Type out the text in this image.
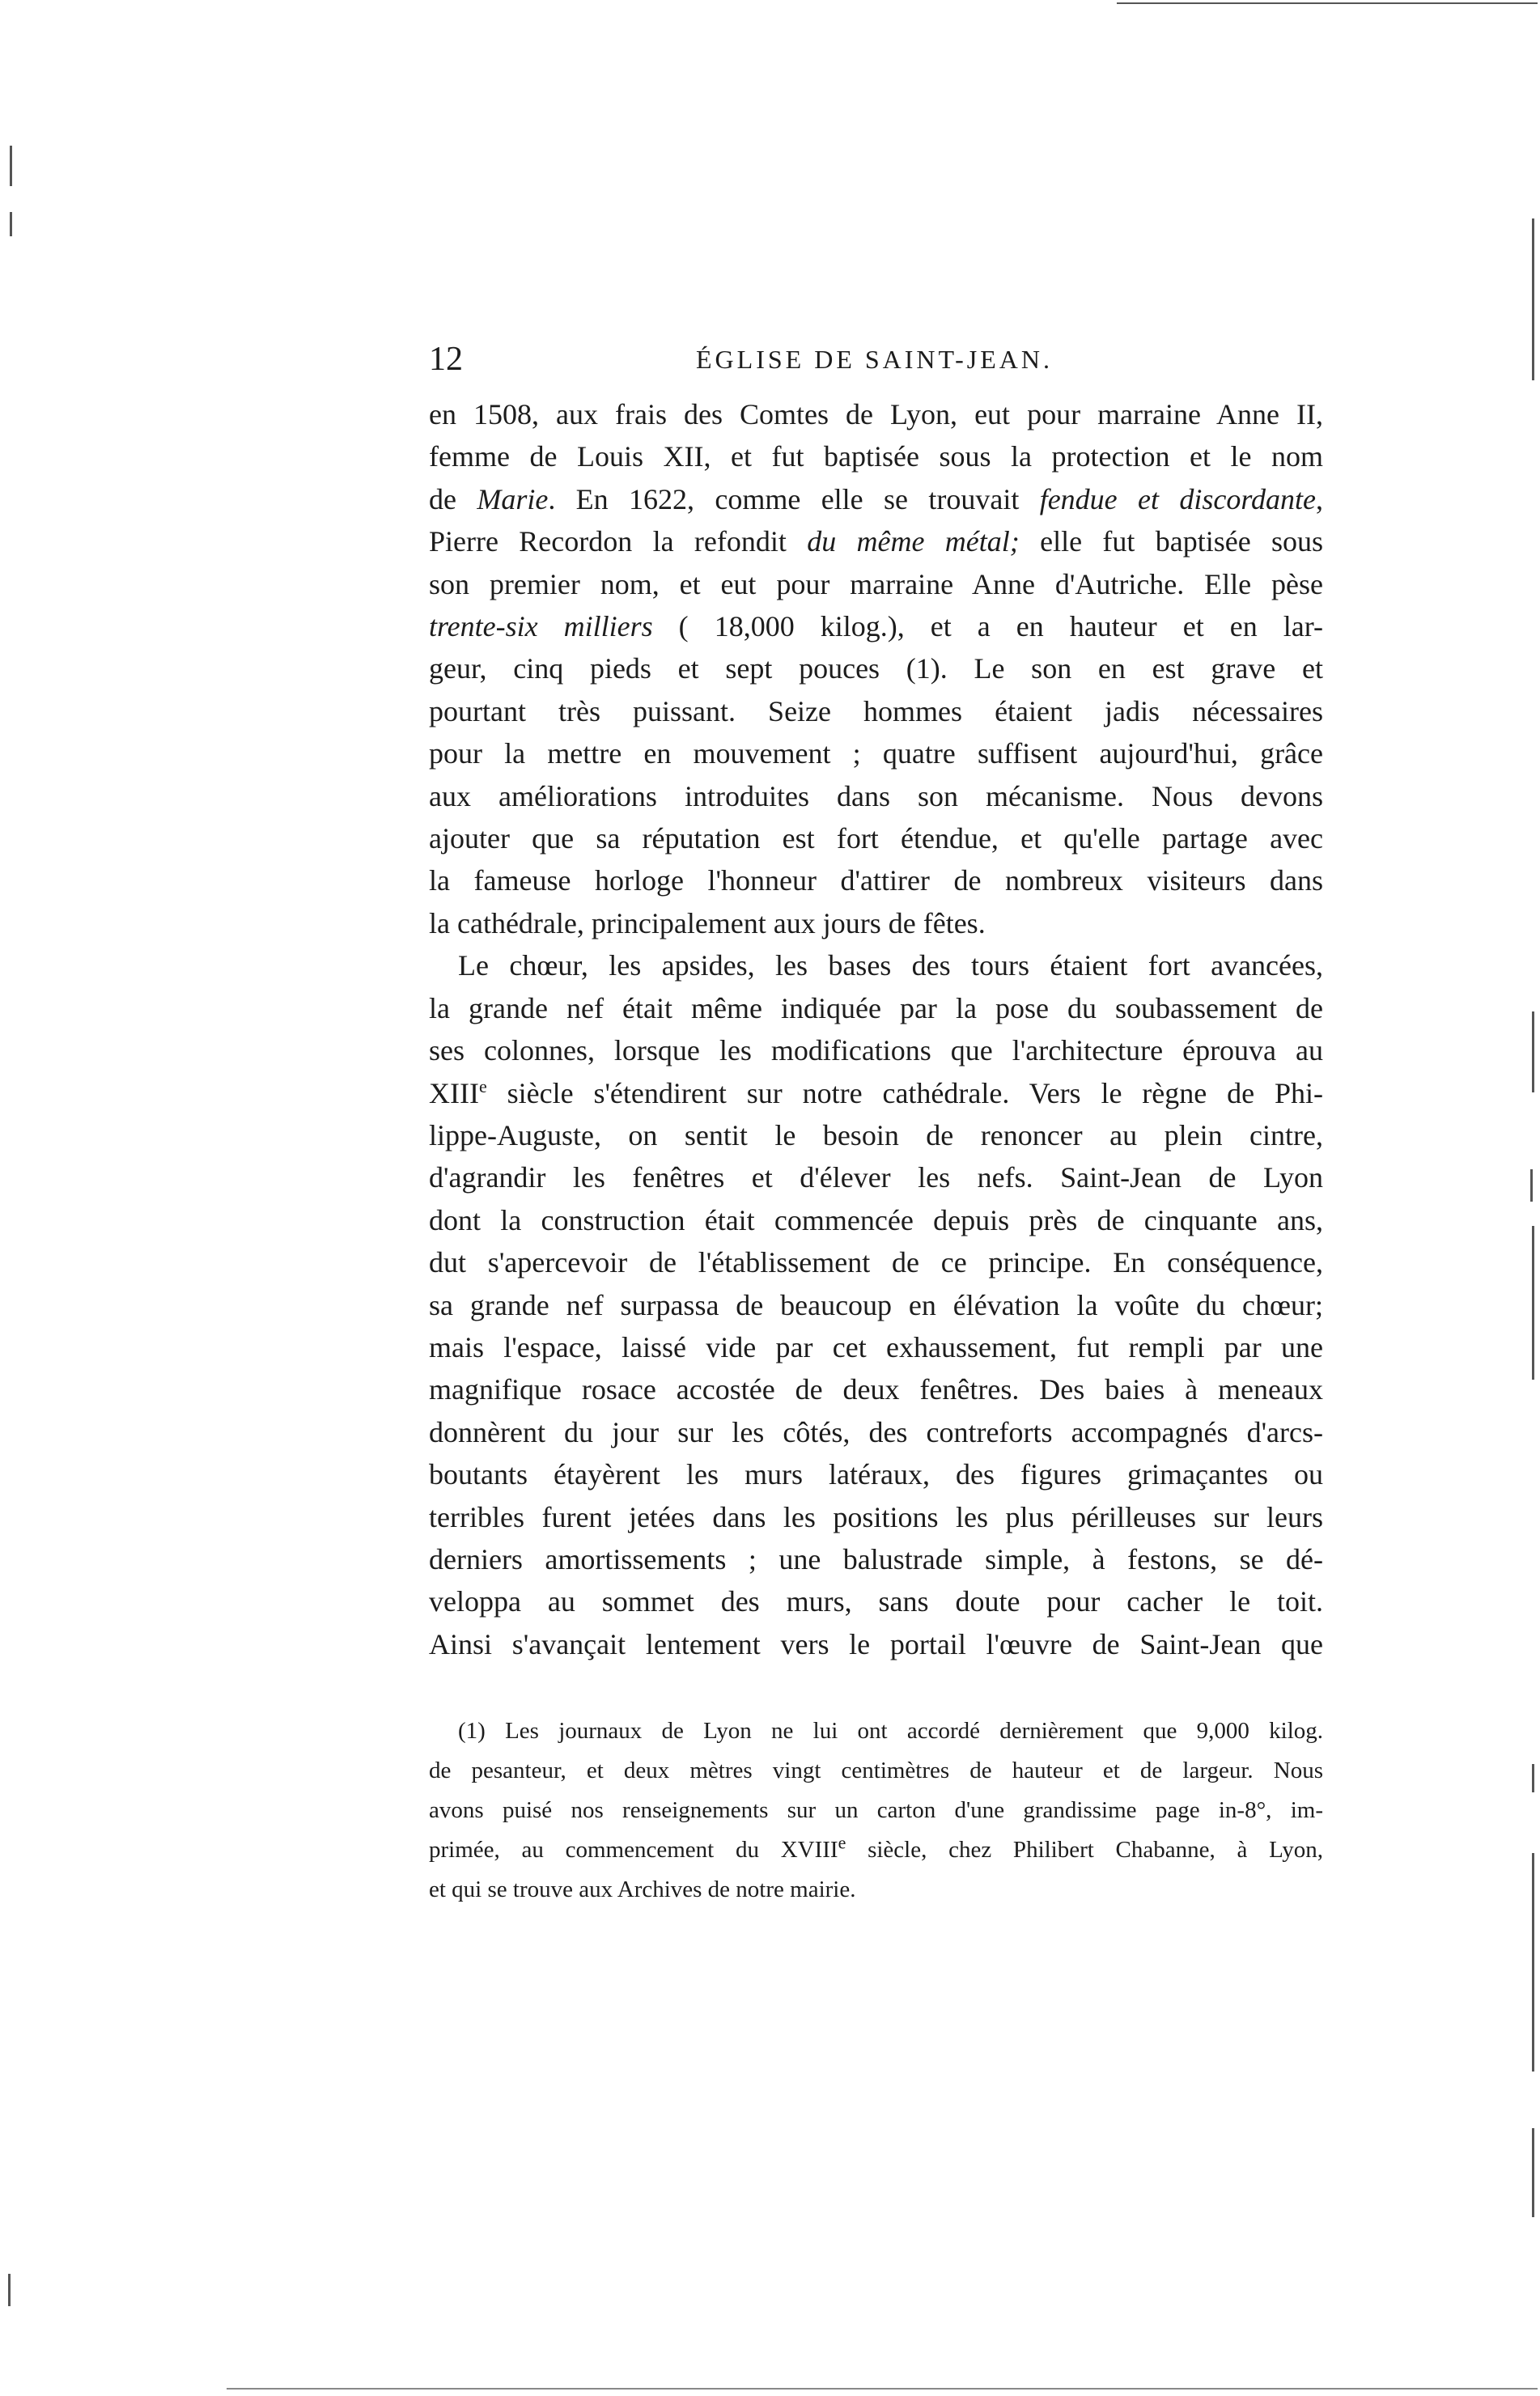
12	ÉGLISE DE SAINT-JEAN.
en 1508, aux frais des Comtes de Lyon, eut pour marraine Anne II,
femme de Louis XII, et fut baptisée sous la protection et le nom
de Marie. En 1622, comme elle se trouvait fendue et discordante,
Pierre Recordon la refondit du même métal; elle fut baptisée sous
son premier nom, et eut pour marraine Anne d'Autriche. Elle pèse
trente-six milliers ( 18,000 kilog.), et a en hauteur et en lar-
geur, cinq pieds et sept pouces (1). Le son en est grave et
pourtant très puissant. Seize hommes étaient jadis nécessaires
pour la mettre en mouvement ; quatre suffisent aujourd'hui, grâce
aux améliorations introduites dans son mécanisme. Nous devons
ajouter que sa réputation est fort étendue, et qu'elle partage avec
la fameuse horloge l'honneur d'attirer de nombreux visiteurs dans
la cathédrale, principalement aux jours de fêtes.
Le chœur, les apsides, les bases des tours étaient fort avancées,
la grande nef était même indiquée par la pose du soubassement de
ses colonnes, lorsque les modifications que l'architecture éprouva au
XIIIe siècle s'étendirent sur notre cathédrale. Vers le règne de Phi-
lippe-Auguste, on sentit le besoin de renoncer au plein cintre,
d'agrandir les fenêtres et d'élever les nefs. Saint-Jean de Lyon
dont la construction était commencée depuis près de cinquante ans,
dut s'apercevoir de l'établissement de ce principe. En conséquence,
sa grande nef surpassa de beaucoup en élévation la voûte du chœur;
mais l'espace, laissé vide par cet exhaussement, fut rempli par une
magnifique rosace accostée de deux fenêtres. Des baies à meneaux
donnèrent du jour sur les côtés, des contreforts accompagnés d'arcs-
boutants étayèrent les murs latéraux, des figures grimaçantes ou
terribles furent jetées dans les positions les plus périlleuses sur leurs
derniers amortissements ; une balustrade simple, à festons, se dé-
veloppa au sommet des murs, sans doute pour cacher le toit.
Ainsi s'avançait lentement vers le portail l'œuvre de Saint-Jean que
(1) Les journaux de Lyon ne lui ont accordé dernièrement que 9,000 kilog.
de pesanteur, et deux mètres vingt centimètres de hauteur et de largeur. Nous
avons puisé nos renseignements sur un carton d'une grandissime page in-8°, im-
primée, au commencement du XVIIIe siècle, chez Philibert Chabanne, à Lyon,
et qui se trouve aux Archives de notre mairie.
